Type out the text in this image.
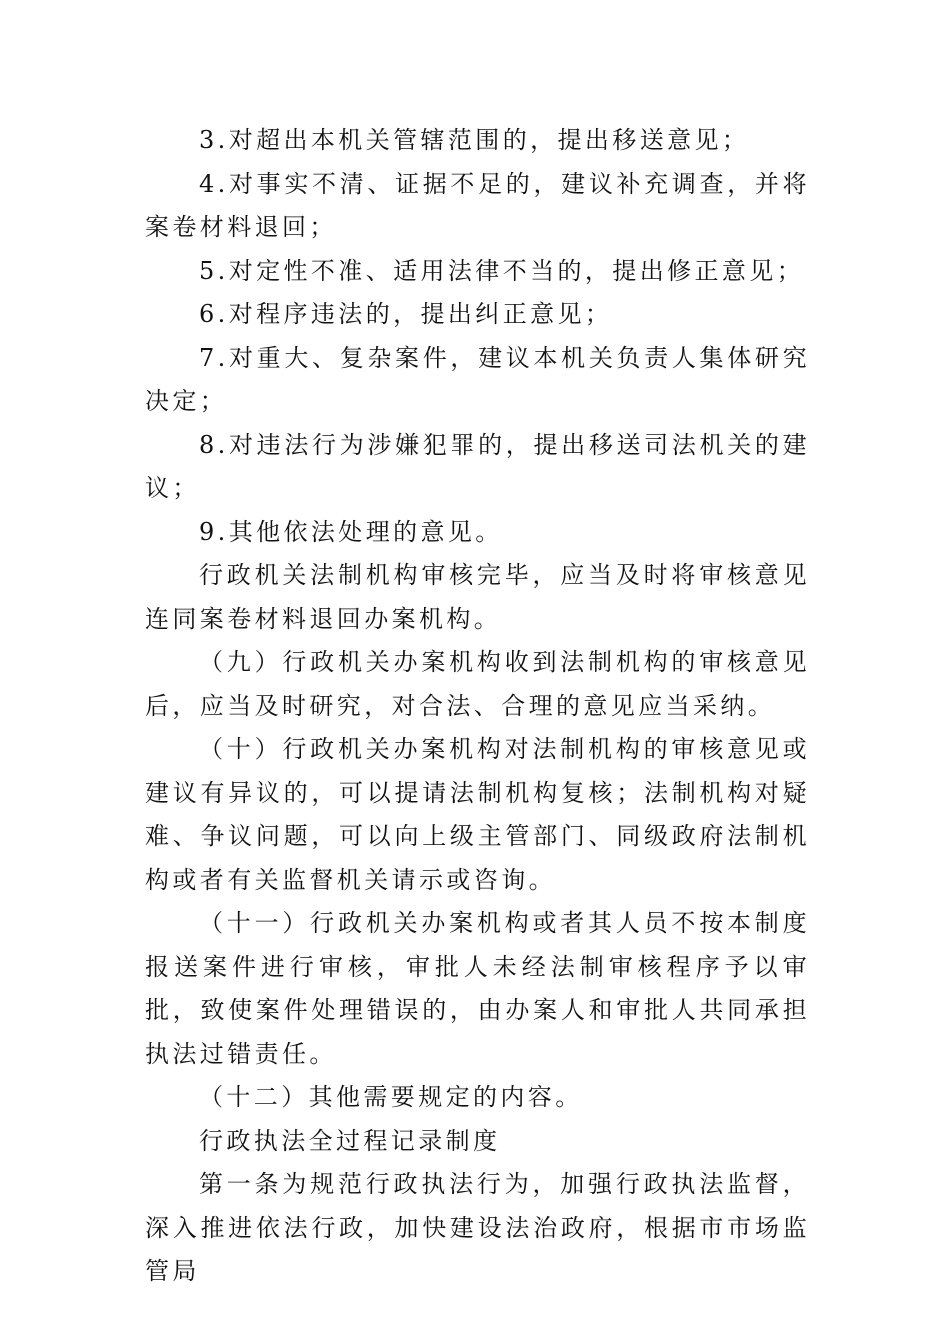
3.对超出本机关管辖范围的，提出移送意见；

4.对事实不清、证据不足的，建议补充调查，并将案卷材料退回；

5.对定性不准、适用法律不当的，提出修正意见；

6.对程序违法的，提出纠正意见；

7.对重大、复杂案件，建议本机关负责人集体研究决定；

8.对违法行为涉嫌犯罪的，提出移送司法机关的建议；

9.其他依法处理的意见。

行政机关法制机构审核完毕，应当及时将审核意见连同案卷材料退回办案机构。

（九）行政机关办案机构收到法制机构的审核意见后，应当及时研究，对合法、合理的意见应当采纳。

（十）行政机关办案机构对法制机构的审核意见或建议有异议的，可以提请法制机构复核；法制机构对疑难、争议问题，可以向上级主管部门、同级政府法制机构或者有关监督机关请示或咨询。

（十一）行政机关办案机构或者其人员不按本制度报送案件进行审核，审批人未经法制审核程序予以审批，致使案件处理错误的，由办案人和审批人共同承担执法过错责任。

（十二）其他需要规定的内容。

行政执法全过程记录制度

第一条为规范行政执法行为，加强行政执法监督，深入推进依法行政，加快建设法治政府，根据市市场监管局
